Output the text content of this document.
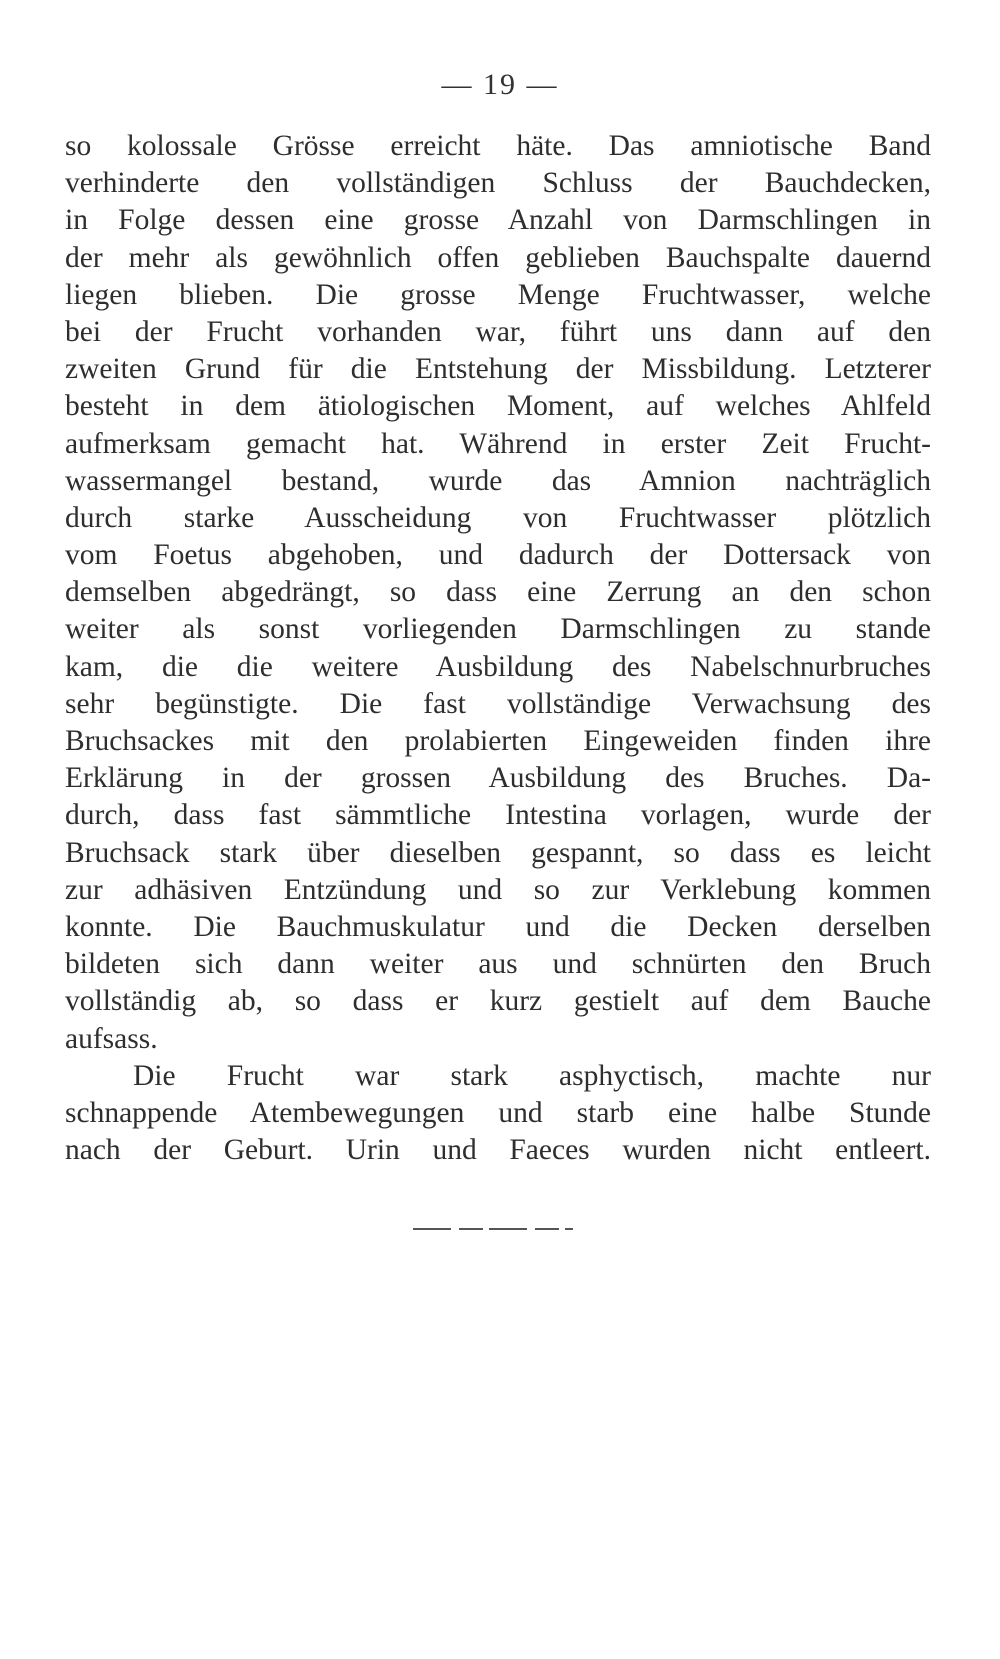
— 19 —
so kolossale Grösse erreicht häte. Das amniotische Band
verhinderte den vollständigen Schluss der Bauchdecken,
in Folge dessen eine grosse Anzahl von Darmschlingen in
der mehr als gewöhnlich offen geblieben Bauchspalte dauernd
liegen blieben. Die grosse Menge Fruchtwasser, welche
bei der Frucht vorhanden war, führt uns dann auf den
zweiten Grund für die Entstehung der Missbildung. Letzterer
besteht in dem ätiologischen Moment, auf welches Ahlfeld
aufmerksam gemacht hat. Während in erster Zeit Frucht-
wassermangel bestand, wurde das Amnion nachträglich
durch starke Ausscheidung von Fruchtwasser plötzlich
vom Foetus abgehoben, und dadurch der Dottersack von
demselben abgedrängt, so dass eine Zerrung an den schon
weiter als sonst vorliegenden Darmschlingen zu stande
kam, die die weitere Ausbildung des Nabelschnurbruches
sehr begünstigte. Die fast vollständige Verwachsung des
Bruchsackes mit den prolabierten Eingeweiden finden ihre
Erklärung in der grossen Ausbildung des Bruches. Da-
durch, dass fast sämmtliche Intestina vorlagen, wurde der
Bruchsack stark über dieselben gespannt, so dass es leicht
zur adhäsiven Entzündung und so zur Verklebung kommen
konnte. Die Bauchmuskulatur und die Decken derselben
bildeten sich dann weiter aus und schnürten den Bruch
vollständig ab, so dass er kurz gestielt auf dem Bauche
aufsass.
Die Frucht war stark asphyctisch, machte nur
schnappende Atembewegungen und starb eine halbe Stunde
nach der Geburt. Urin und Faeces wurden nicht entleert.
